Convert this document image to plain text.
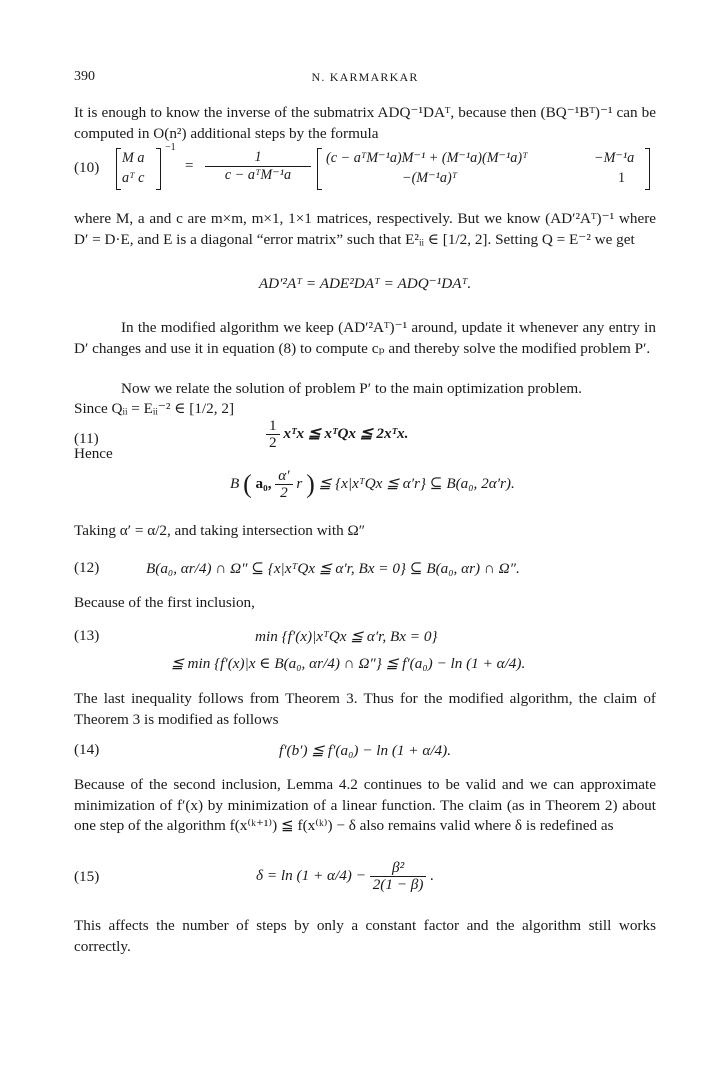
390	N. KARMARKAR

It is enough to know the inverse of the submatrix ADQ⁻¹DAᵀ, because then (BQ⁻¹Bᵀ)⁻¹ can be computed in O(n²) additional steps by the formula

(10)
M a
aᵀ c
−1
=
1
c − aᵀM⁻¹a
(c − aᵀM⁻¹a)M⁻¹ + (M⁻¹a)(M⁻¹a)ᵀ	−M⁻¹a
−(M⁻¹a)ᵀ	1

where M, a and c are m×m, m×1, 1×1 matrices, respectively. But we know (AD′²Aᵀ)⁻¹ where D′ = D·E, and E is a diagonal “error matrix” such that E²ᵢᵢ ∈ [1/2, 2]. Setting Q = E⁻² we get

AD′²Aᵀ = ADE²DAᵀ = ADQ⁻¹DAᵀ.

In the modified algorithm we keep (AD′²Aᵀ)⁻¹ around, update it whenever any entry in D′ changes and use it in equation (8) to compute cₚ and thereby solve the modified problem P′.

Now we relate the solution of problem P′ to the main optimization problem.

Since Qᵢᵢ = Eᵢᵢ⁻² ∈ [1/2, 2]

(11)	$\frac{1}{2}$ xᵀx ≦ xᵀQx ≦ 2xᵀx.

Hence

B ( a₀, $\frac{\alpha'}{2}$ r ) ≦ {x|xᵀQx ≦ α′r} ⊆ B(a₀, 2α′r).

Taking α′ = α/2, and taking intersection with Ω″

(12)	B(a₀, αr/4) ∩ Ω″ ⊆ {x|xᵀQx ≦ α′r, Bx = 0} ⊆ B(a₀, αr) ∩ Ω″.

Because of the first inclusion,

(13)	min {f′(x)|xᵀQx ≦ α′r, Bx = 0}
≦ min {f′(x)|x ∈ B(a₀, αr/4) ∩ Ω″} ≦ f′(a₀) − ln (1 + α/4).

The last inequality follows from Theorem 3. Thus for the modified algorithm, the claim of Theorem 3 is modified as follows

(14)	f′(b′) ≦ f′(a₀) − ln (1 + α/4).

Because of the second inclusion, Lemma 4.2 continues to be valid and we can approximate minimization of f′(x) by minimization of a linear function. The claim (as in Theorem 2) about one step of the algorithm f(x⁽ᵏ⁺¹⁾) ≦ f(x⁽ᵏ⁾) − δ also remains valid where δ is redefined as

(15)	$\delta = \ln (1 + \alpha/4) - \frac{\text{β²}}{2(1 - \beta)}$ .

This affects the number of steps by only a constant factor and the algorithm still works correctly.
